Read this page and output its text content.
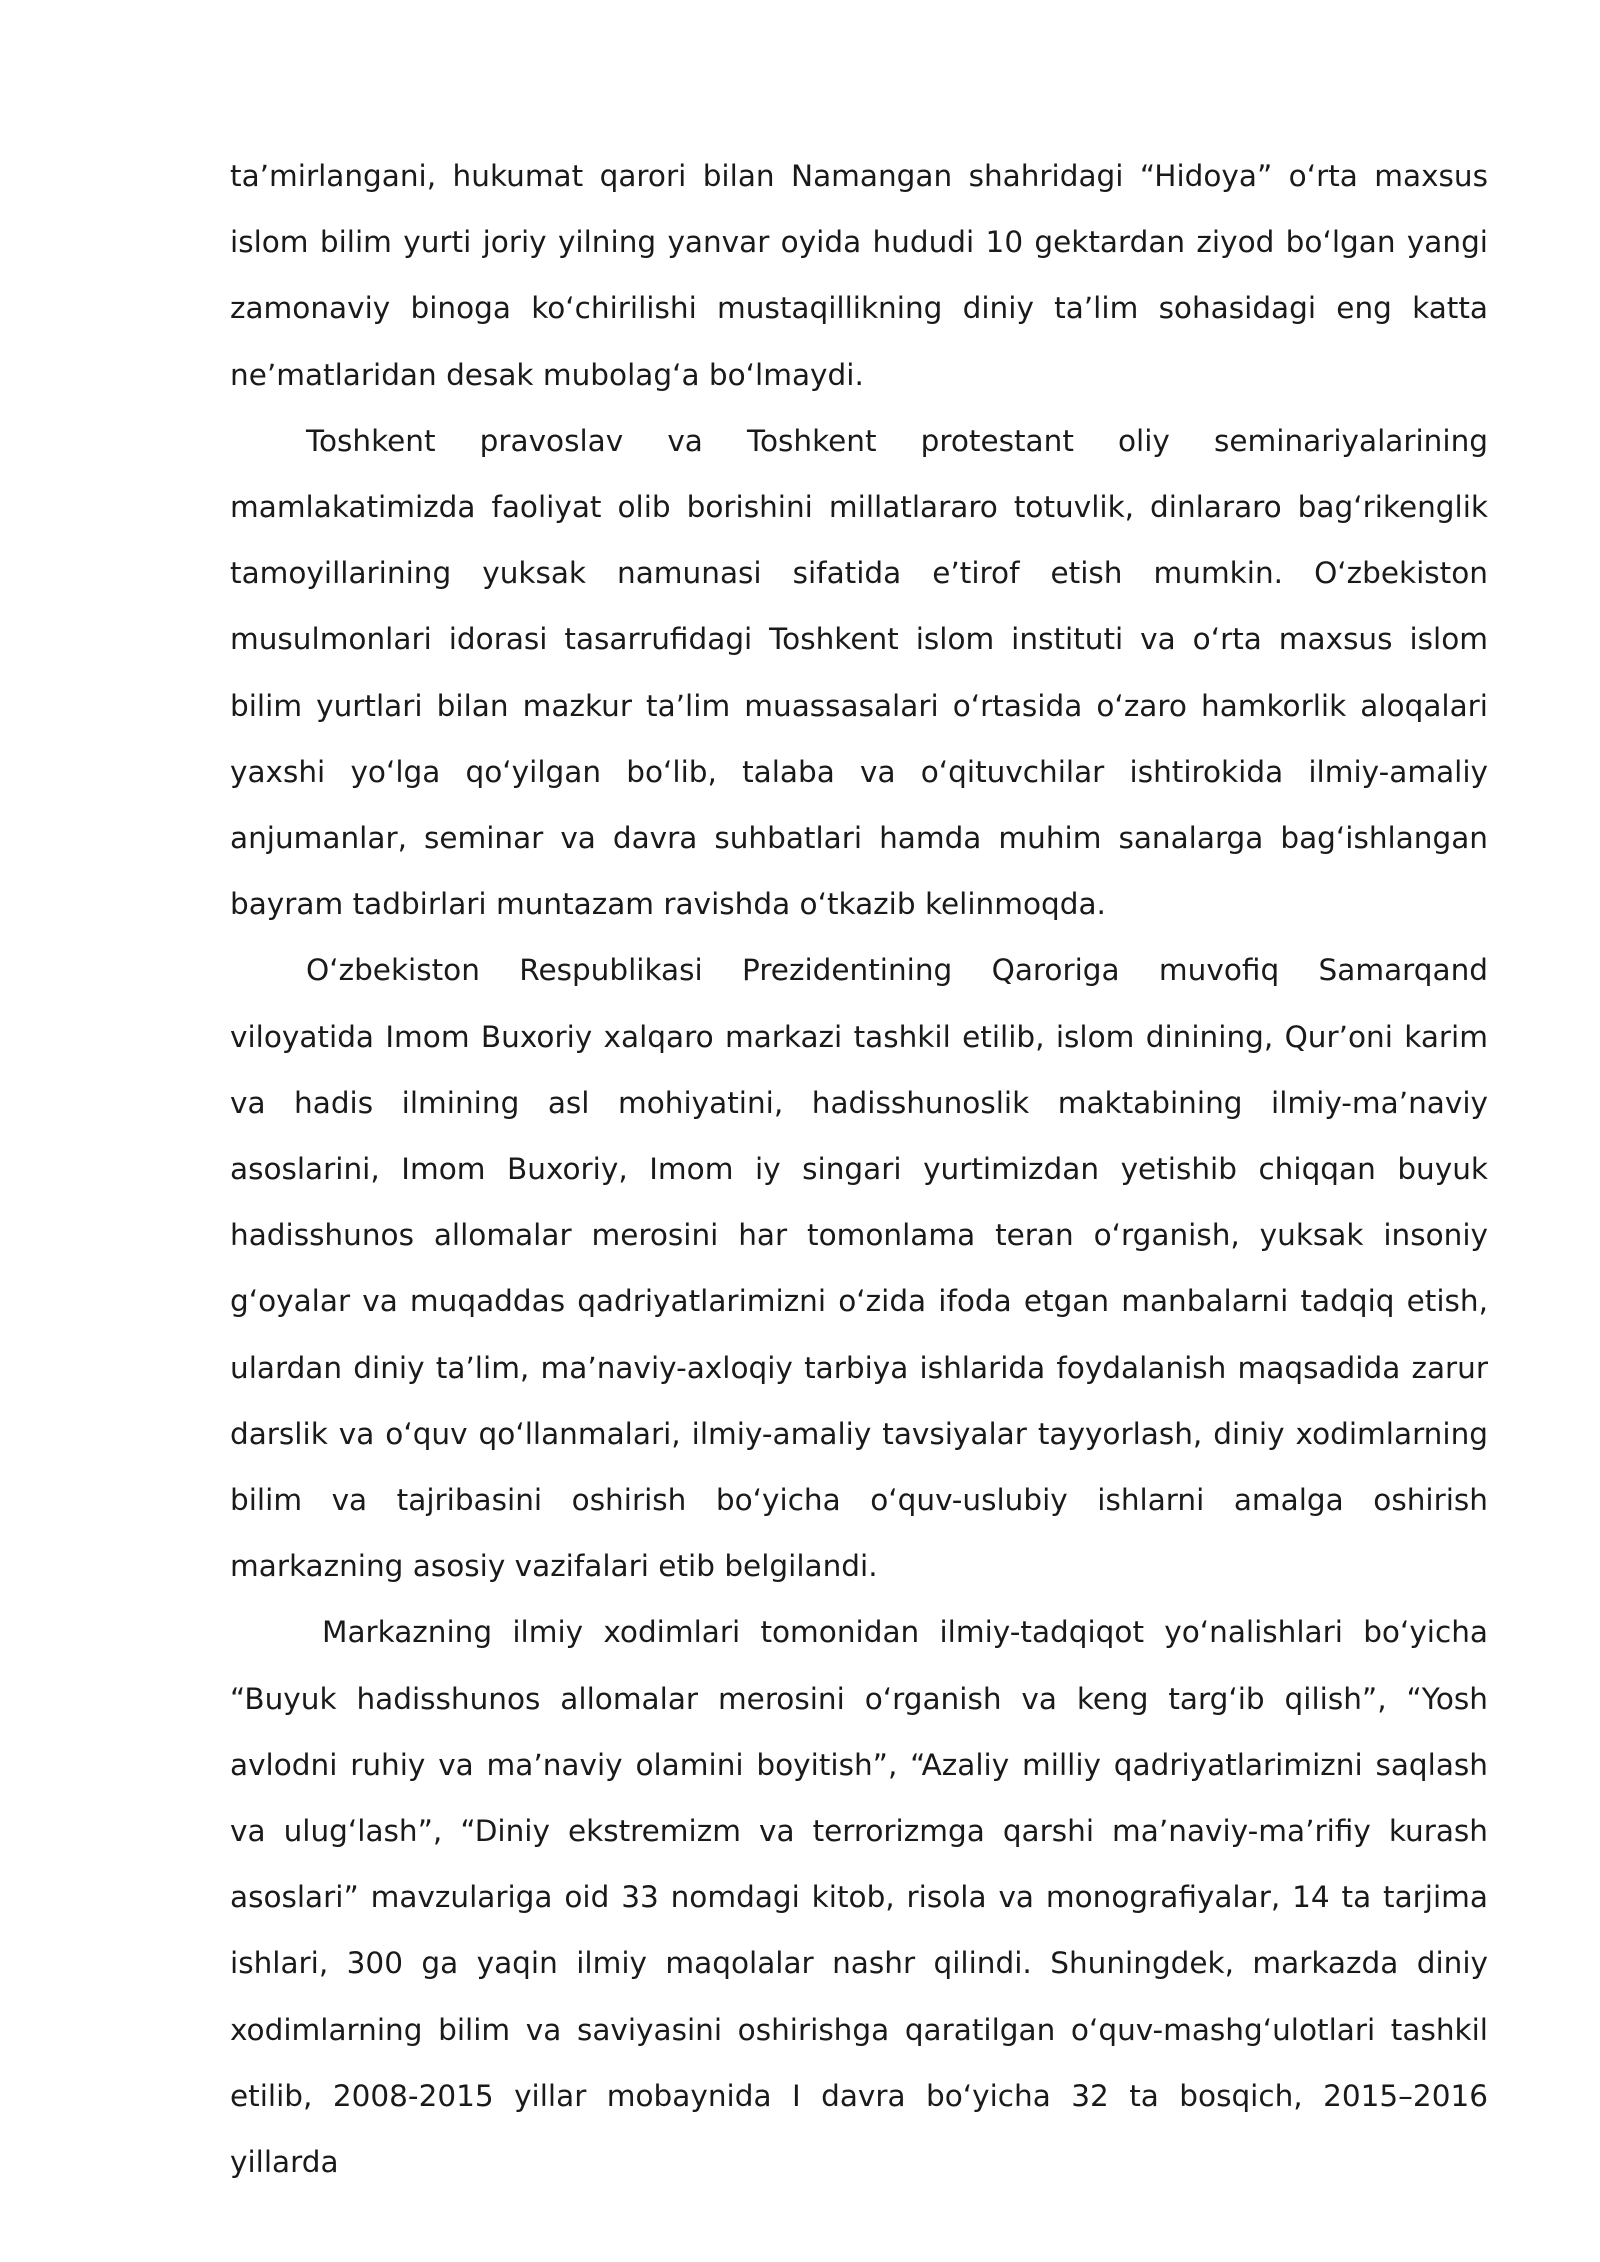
ta’mirlangani, hukumat qarori bilan Namangan shahridagi “Hidoya” o‘rta maxsus islom bilim yurti joriy yilning yanvar oyida hududi 10 gektardan ziyod bo‘lgan yangi zamonaviy binoga ko‘chirilishi mustaqillikning diniy ta’lim sohasidagi eng katta ne’matlaridan desak mubolag‘a bo‘lmaydi.

Toshkent pravoslav va Toshkent protestant oliy seminariyalarining mamlakatimizda faoliyat olib borishini millatlararo totuvlik, dinlararo bag‘rikenglik tamoyillarining yuksak namunasi sifatida e’tirof etish mumkin. O‘zbekiston musulmonlari idorasi tasarrufidagi Toshkent islom instituti va o‘rta maxsus islom bilim yurtlari bilan mazkur ta’lim muassasalari o‘rtasida o‘zaro hamkorlik aloqalari yaxshi yo‘lga qo‘yilgan bo‘lib, talaba va o‘qituvchilar ishtirokida ilmiy-amaliy anjumanlar, seminar va davra suhbatlari hamda muhim sanalarga bag‘ishlangan bayram tadbirlari muntazam ravishda o‘tkazib kelinmoqda.

O‘zbekiston Respublikasi Prezidentining Qaroriga muvofiq Samarqand viloyatida Imom Buxoriy xalqaro markazi tashkil etilib, islom dinining, Qur’oni karim va hadis ilmining asl mohiyatini, hadisshunoslik maktabining ilmiy-ma’naviy asoslarini, Imom Buxoriy, Imom iy singari yurtimizdan yetishib chiqqan buyuk hadisshunos allomalar merosini har tomonlama teran o‘rganish, yuksak insoniy g‘oyalar va muqaddas qadriyatlarimizni o‘zida ifoda etgan manbalarni tadqiq etish, ulardan diniy ta’lim, ma’naviy-axloqiy tarbiya ishlarida foydalanish maqsadida zarur darslik va o‘quv qo‘llanmalari, ilmiy-amaliy tavsiyalar tayyorlash, diniy xodimlarning bilim va tajribasini oshirish bo‘yicha o‘quv-uslubiy ishlarni amalga oshirish markazning asosiy vazifalari etib belgilandi.

Markazning ilmiy xodimlari tomonidan ilmiy-tadqiqot yo‘nalishlari bo‘yicha “Buyuk hadisshunos allomalar merosini o‘rganish va keng targ‘ib qilish”, “Yosh avlodni ruhiy va ma’naviy olamini boyitish”, “Azaliy milliy qadriyatlarimizni saqlash va ulug‘lash”, “Diniy ekstremizm va terrorizmga qarshi ma’naviy-ma’rifiy kurash asoslari” mavzulariga oid 33 nomdagi kitob, risola va monografiyalar, 14 ta tarjima ishlari, 300 ga yaqin ilmiy maqolalar nashr qilindi. Shuningdek, markazda diniy xodimlarning bilim va saviyasini oshirishga qaratilgan o‘quv-mashg‘ulotlari tashkil etilib, 2008-2015 yillar mobaynida I davra bo‘yicha 32 ta bosqich, 2015–2016 yillarda
